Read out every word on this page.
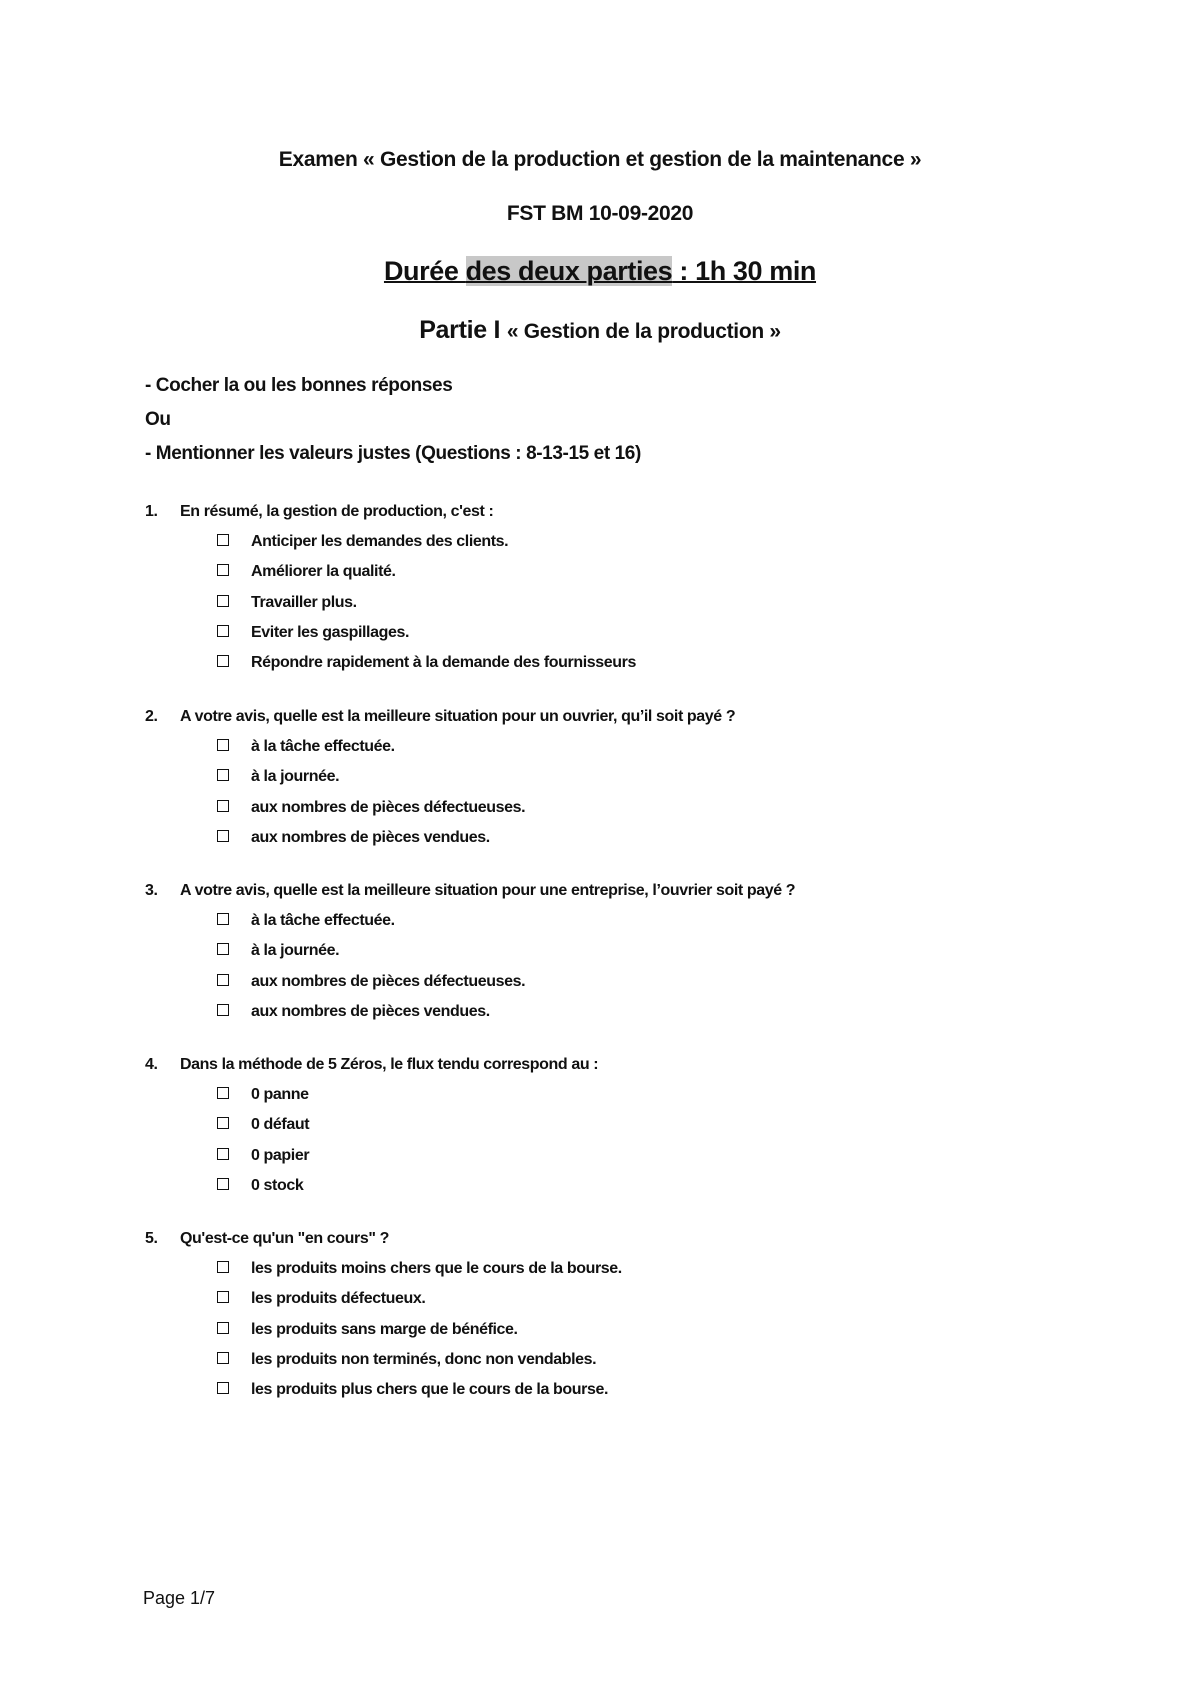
Examen « Gestion de la production et gestion de la maintenance »
FST BM 10-09-2020
Durée des deux parties : 1h 30 min
Partie I « Gestion de la production »
- Cocher la ou les bonnes réponses
Ou
- Mentionner les valeurs justes (Questions : 8-13-15 et 16)
1. En résumé, la gestion de production, c'est :
Anticiper les demandes des clients.
Améliorer la qualité.
Travailler plus.
Eviter les gaspillages.
Répondre rapidement à la demande des fournisseurs
2. A votre avis, quelle est la meilleure situation pour un ouvrier, qu’il soit payé ?
à la tâche effectuée.
à la journée.
aux nombres de pièces défectueuses.
aux nombres de pièces vendues.
3. A votre avis, quelle est la meilleure situation pour une entreprise, l’ouvrier soit payé ?
à la tâche effectuée.
à la journée.
aux nombres de pièces défectueuses.
aux nombres de pièces vendues.
4. Dans la méthode de 5 Zéros, le flux tendu correspond au :
0 panne
0 défaut
0 papier
0 stock
5. Qu'est-ce qu'un "en cours" ?
les produits moins chers que le cours de la bourse.
les produits défectueux.
les produits sans marge de bénéfice.
les produits non terminés, donc non vendables.
les produits plus chers que le cours de la bourse.
Page 1/7
